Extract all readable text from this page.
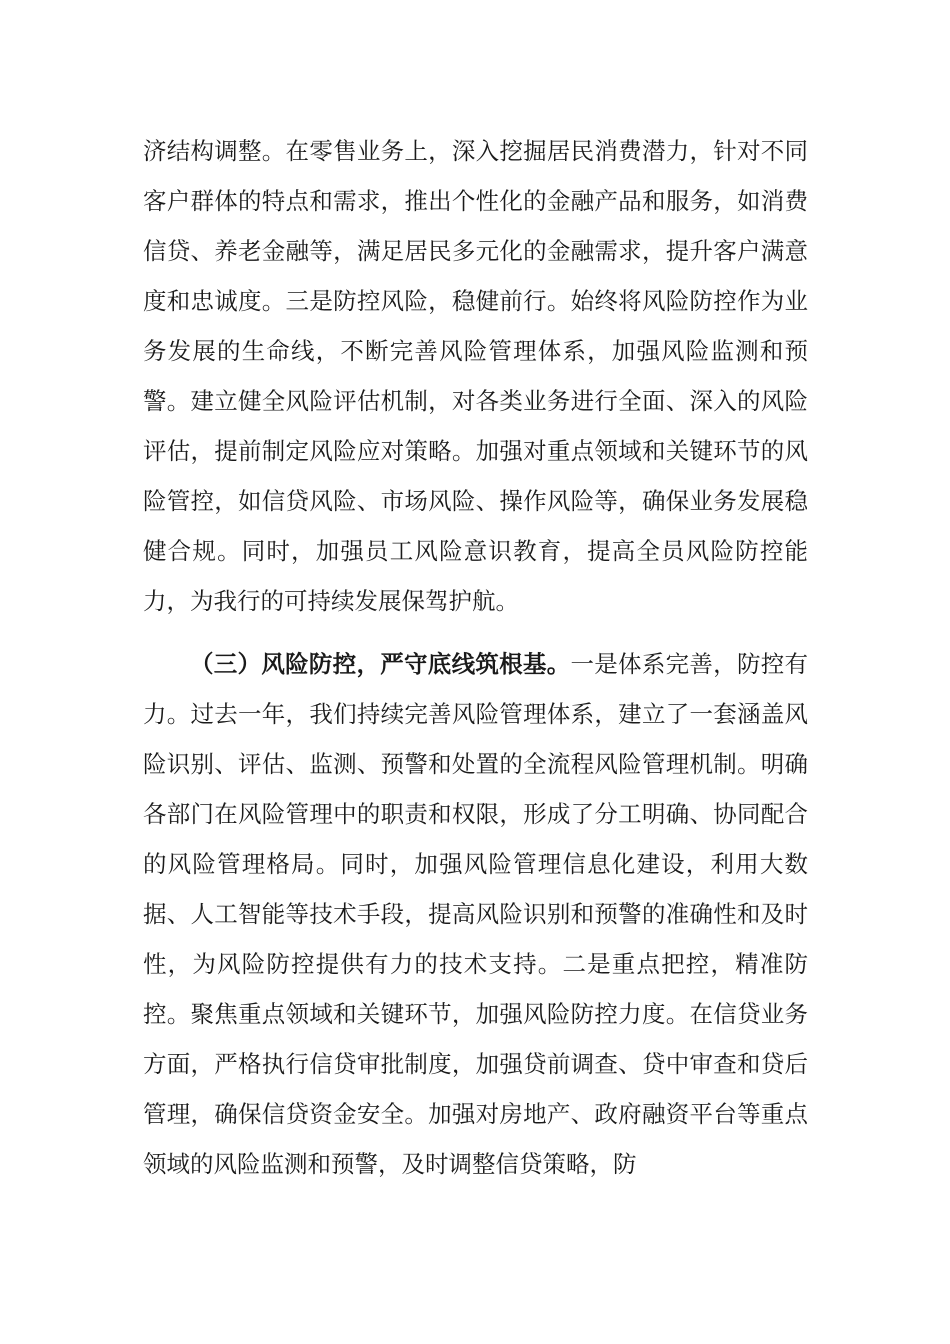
济结构调整。在零售业务上，深入挖掘居民消费潜力，针对不同客户群体的特点和需求，推出个性化的金融产品和服务，如消费信贷、养老金融等，满足居民多元化的金融需求，提升客户满意度和忠诚度。三是防控风险，稳健前行。始终将风险防控作为业务发展的生命线，不断完善风险管理体系，加强风险监测和预警。建立健全风险评估机制，对各类业务进行全面、深入的风险评估，提前制定风险应对策略。加强对重点领域和关键环节的风险管控，如信贷风险、市场风险、操作风险等，确保业务发展稳健合规。同时，加强员工风险意识教育，提高全员风险防控能力，为我行的可持续发展保驾护航。

（三）风险防控，严守底线筑根基。一是体系完善，防控有力。过去一年，我们持续完善风险管理体系，建立了一套涵盖风险识别、评估、监测、预警和处置的全流程风险管理机制。明确各部门在风险管理中的职责和权限，形成了分工明确、协同配合的风险管理格局。同时，加强风险管理信息化建设，利用大数据、人工智能等技术手段，提高风险识别和预警的准确性和及时性，为风险防控提供有力的技术支持。二是重点把控，精准防控。聚焦重点领域和关键环节，加强风险防控力度。在信贷业务方面，严格执行信贷审批制度，加强贷前调查、贷中审查和贷后管理，确保信贷资金安全。加强对房地产、政府融资平台等重点领域的风险监测和预警，及时调整信贷策略，防
